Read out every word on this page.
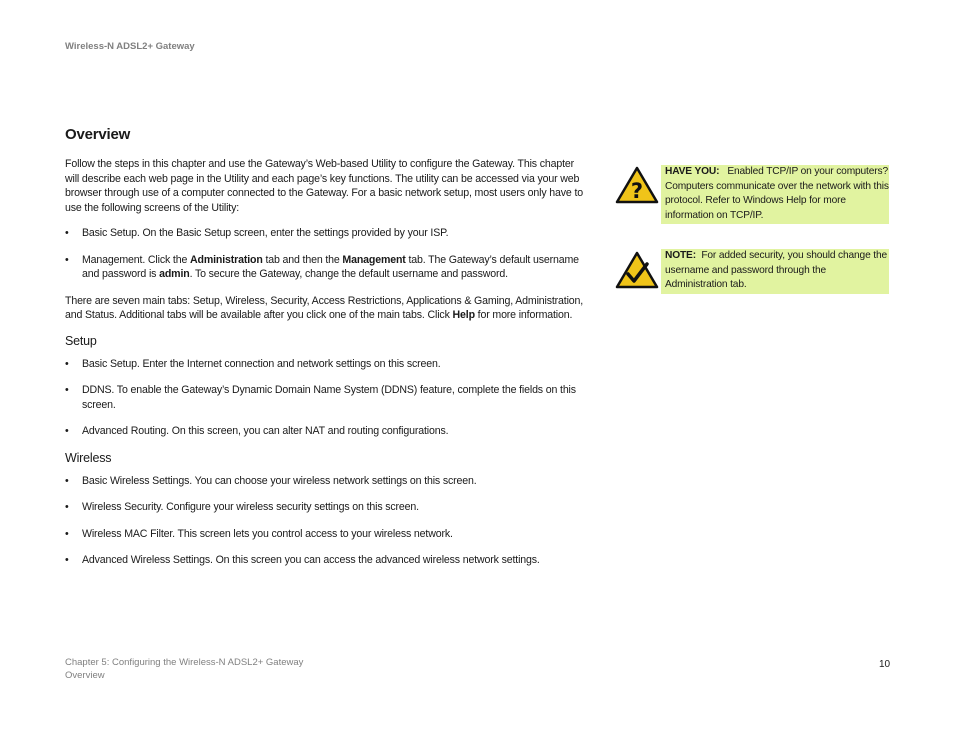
Wireless-N ADSL2+ Gateway
Overview

Follow the steps in this chapter and use the Gateway’s Web-based Utility to configure the Gateway. This chapter will describe each web page in the Utility and each page’s key functions. The utility can be accessed via your web browser through use of a computer connected to the Gateway. For a basic network setup, most users only have to use the following screens of the Utility:

• Basic Setup. On the Basic Setup screen, enter the settings provided by your ISP.
• Management. Click the Administration tab and then the Management tab. The Gateway’s default username and password is admin. To secure the Gateway, change the default username and password.

There are seven main tabs: Setup, Wireless, Security, Access Restrictions, Applications & Gaming, Administration, and Status. Additional tabs will be available after you click one of the main tabs. Click Help for more information.

Setup
• Basic Setup. Enter the Internet connection and network settings on this screen.
• DDNS. To enable the Gateway’s Dynamic Domain Name System (DDNS) feature, complete the fields on this screen.
• Advanced Routing. On this screen, you can alter NAT and routing configurations.
Wireless
• Basic Wireless Settings. You can choose your wireless network settings on this screen.
• Wireless Security. Configure your wireless security settings on this screen.
• Wireless MAC Filter. This screen lets you control access to your wireless network.
• Advanced Wireless Settings. On this screen you can access the advanced wireless network settings.
?
HAVE YOU: Enabled TCP/IP on your computers? Computers communicate over the network with this protocol. Refer to Windows Help for more information on TCP/IP.
NOTE: For added security, you should change the username and password through the Administration tab.
Chapter 5: Configuring the Wireless-N ADSL2+ Gateway
Overview
10
